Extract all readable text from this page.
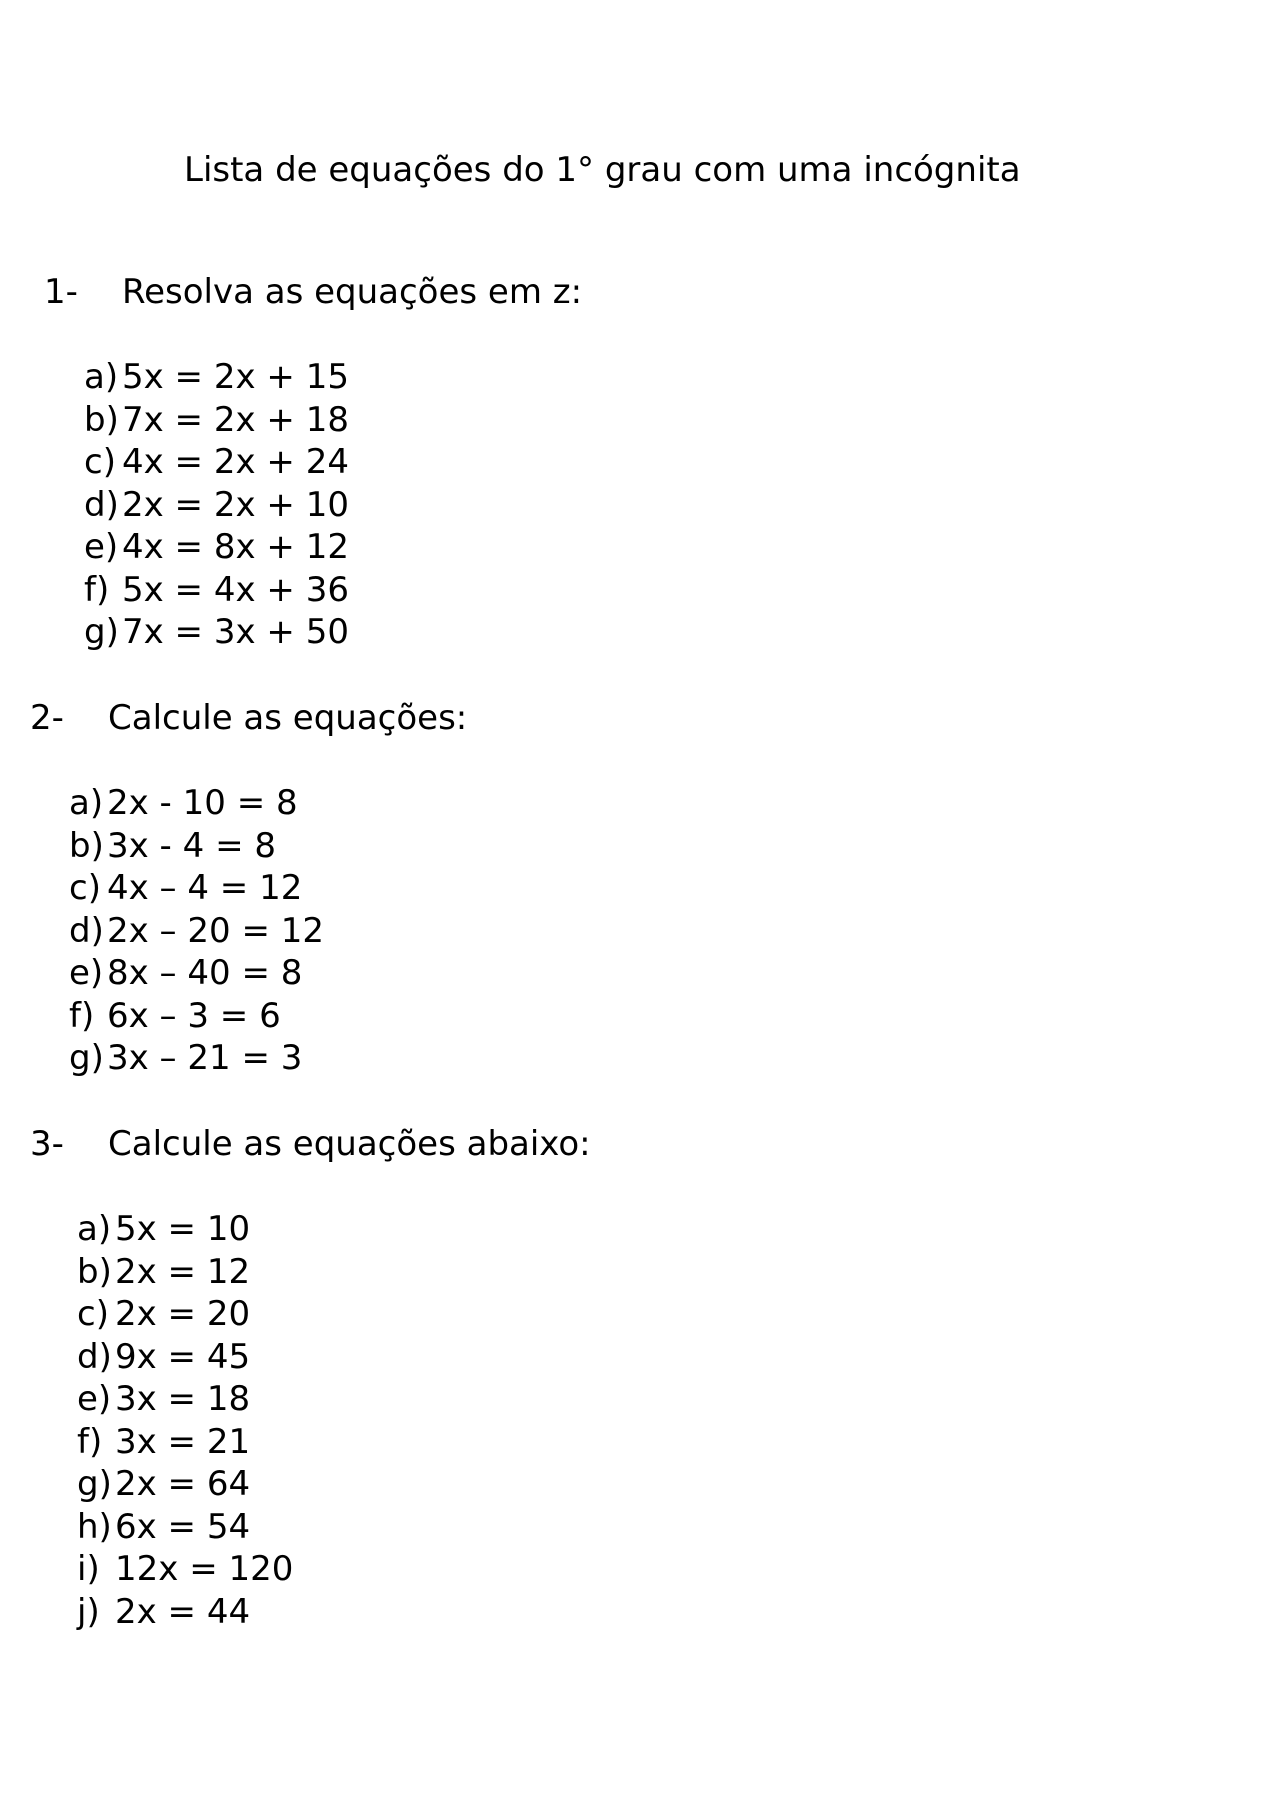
Lista de equações do 1° grau com uma incógnita
1- Resolva as equações em z:
a) 5x = 2x + 15
b) 7x = 2x + 18
c) 4x = 2x + 24
d) 2x = 2x + 10
e) 4x = 8x + 12
f) 5x = 4x + 36
g) 7x = 3x + 50
2- Calcule as equações:
a) 2x - 10 = 8
b) 3x - 4 = 8
c) 4x – 4 = 12
d) 2x – 20 = 12
e) 8x – 40 = 8
f) 6x – 3 = 6
g) 3x – 21 = 3
3- Calcule as equações abaixo:
a) 5x = 10
b) 2x = 12
c) 2x = 20
d) 9x = 45
e) 3x = 18
f) 3x = 21
g) 2x = 64
h) 6x = 54
i) 12x = 120
j) 2x = 44
